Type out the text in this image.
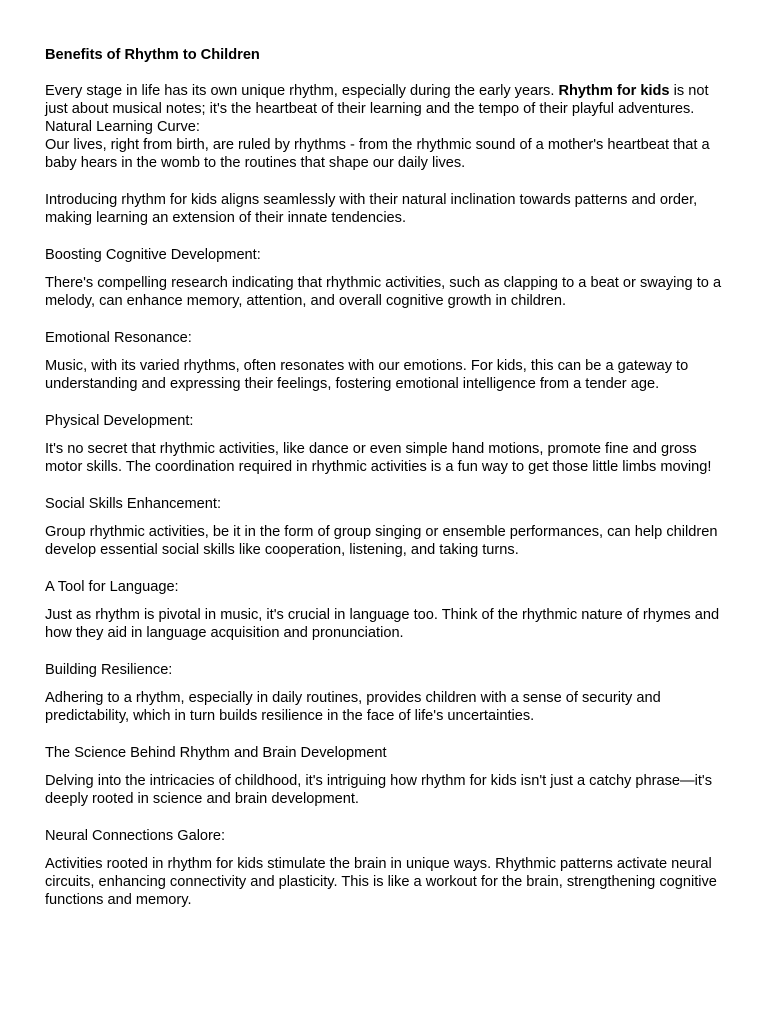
Benefits of Rhythm to Children

Every stage in life has its own unique rhythm, especially during the early years. Rhythm for kids is not just about musical notes; it's the heartbeat of their learning and the tempo of their playful adventures.

Natural Learning Curve:

Our lives, right from birth, are ruled by rhythms - from the rhythmic sound of a mother's heartbeat that a baby hears in the womb to the routines that shape our daily lives.

Introducing rhythm for kids aligns seamlessly with their natural inclination towards patterns and order, making learning an extension of their innate tendencies.

Boosting Cognitive Development:

There's compelling research indicating that rhythmic activities, such as clapping to a beat or swaying to a melody, can enhance memory, attention, and overall cognitive growth in children.

Emotional Resonance:

Music, with its varied rhythms, often resonates with our emotions. For kids, this can be a gateway to understanding and expressing their feelings, fostering emotional intelligence from a tender age.

Physical Development:

It's no secret that rhythmic activities, like dance or even simple hand motions, promote fine and gross motor skills. The coordination required in rhythmic activities is a fun way to get those little limbs moving!

Social Skills Enhancement:

Group rhythmic activities, be it in the form of group singing or ensemble performances, can help children develop essential social skills like cooperation, listening, and taking turns.

A Tool for Language:

Just as rhythm is pivotal in music, it's crucial in language too. Think of the rhythmic nature of rhymes and how they aid in language acquisition and pronunciation.

Building Resilience:

Adhering to a rhythm, especially in daily routines, provides children with a sense of security and predictability, which in turn builds resilience in the face of life's uncertainties.

The Science Behind Rhythm and Brain Development

Delving into the intricacies of childhood, it's intriguing how rhythm for kids isn't just a catchy phrase—it's deeply rooted in science and brain development.

Neural Connections Galore:

Activities rooted in rhythm for kids stimulate the brain in unique ways. Rhythmic patterns activate neural circuits, enhancing connectivity and plasticity. This is like a workout for the brain, strengthening cognitive functions and memory.
